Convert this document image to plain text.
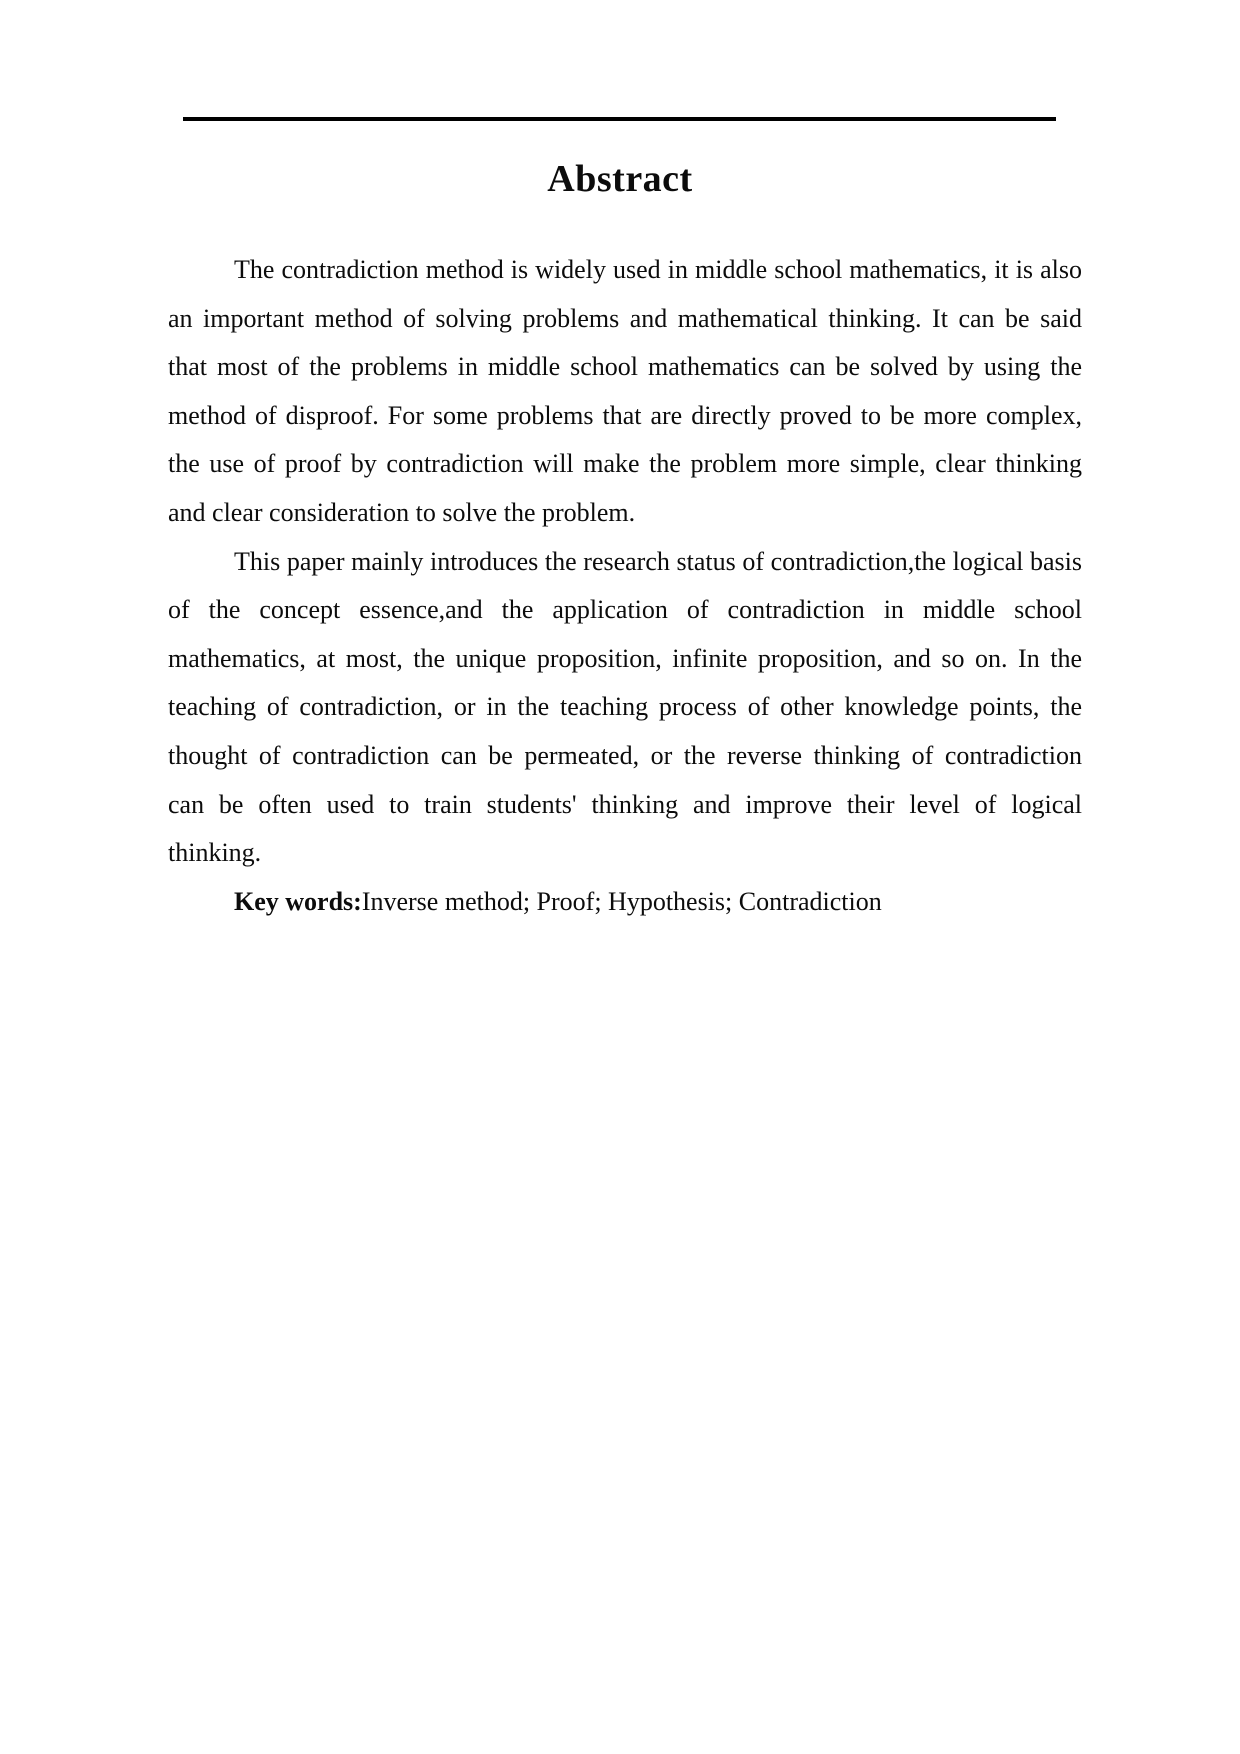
Abstract
The contradiction method is widely used in middle school mathematics, it is also
an important method of solving problems and mathematical thinking. It can be said
that most of the problems in middle school mathematics can be solved by using the
method of disproof. For some problems that are directly proved to be more complex,
the use of proof by contradiction will make the problem more simple, clear thinking
and clear consideration to solve the problem.
This paper mainly introduces the research status of contradiction,the logical basis
of the concept essence,and the application of contradiction in middle school
mathematics, at most, the unique proposition, infinite proposition, and so on. In the
teaching of contradiction, or in the teaching process of other knowledge points, the
thought of contradiction can be permeated, or the reverse thinking of contradiction
can be often used to train students' thinking and improve their level of logical
thinking.
Key words:Inverse method; Proof; Hypothesis; Contradiction
